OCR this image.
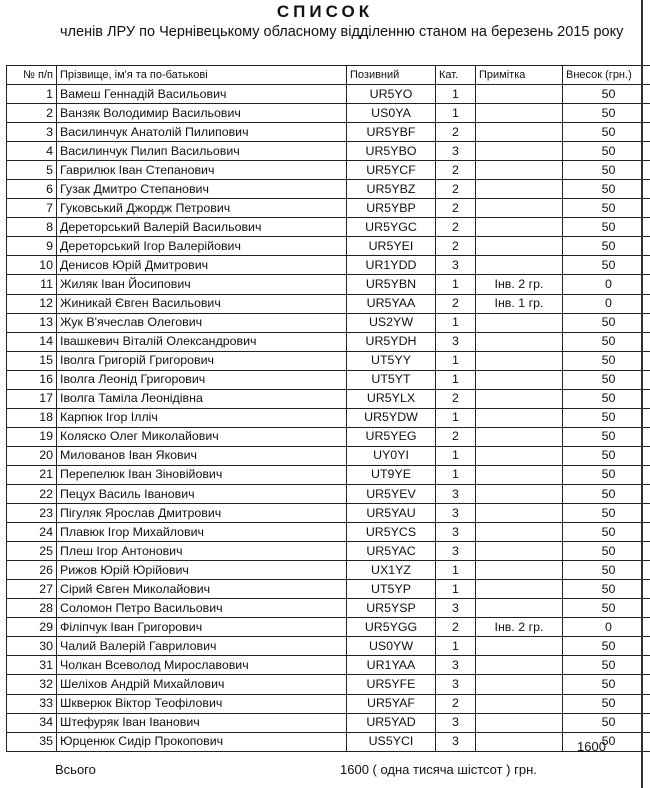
СПИСОК
членів ЛРУ по Чернівецькому обласному відділенню станом на березень 2015 року
№ п/п	Прізвище, ім'я та по-батькові	Позивний	Кат.	Примітка	Внесок (грн.)
1	Вамеш Геннадій Васильович	UR5YO	1		50
2	Ванзяк Володимир Васильович	US0YA	1		50
3	Василинчук Анатолій Пилипович	UR5YBF	2		50
4	Василинчук Пилип Васильович	UR5YBO	3		50
5	Гаврилюк Іван Степанович	UR5YCF	2		50
6	Гузак Дмитро Степанович	UR5YBZ	2		50
7	Гуковський Джордж Петрович	UR5YBP	2		50
8	Дереторський Валерій Васильович	UR5YGC	2		50
9	Дереторський Ігор Валерійович	UR5YEI	2		50
10	Денисов Юрій Дмитрович	UR1YDD	3		50
11	Жиляк Іван Йосипович	UR5YBN	1	Інв. 2 гр.	0
12	Жиникай Євген Васильович	UR5YAA	2	Інв. 1 гр.	0
13	Жук В'ячеслав Олегович	US2YW	1		50
14	Івашкевич Віталій Олександрович	UR5YDH	3		50
15	Іволга Григорій Григорович	UT5YY	1		50
16	Іволга Леонід Григорович	UT5YT	1		50
17	Іволга Таміла Леонідівна	UR5YLX	2		50
18	Карпюк Ігор Ілліч	UR5YDW	1		50
19	Коляско Олег Миколайович	UR5YEG	2		50
20	Милованов Іван Якович	UY0YI	1		50
21	Перепелюк Іван Зіновійович	UT9YE	1		50
22	Пецух Василь Іванович	UR5YEV	3		50
23	Пігуляк Ярослав Дмитрович	UR5YAU	3		50
24	Плавюк Ігор Михайлович	UR5YCS	3		50
25	Плеш Ігор Антонович	UR5YAC	3		50
26	Рижов Юрій Юрійович	UX1YZ	1		50
27	Сірий Євген Миколайович	UT5YP	1		50
28	Соломон Петро Васильович	UR5YSP	3		50
29	Філіпчук Іван Григорович	UR5YGG	2	Інв. 2 гр.	0
30	Чалий Валерій Гаврилович	US0YW	1		50
31	Чолкан Всеволод Мирославович	UR1YAA	3		50
32	Шеліхов Андрій Михайлович	UR5YFE	3		50
33	Шкверюк Віктор Теофілович	UR5YAF	2		50
34	Штефуряк Іван Іванович	UR5YAD	3		50
35	Юрценюк Сидір Прокопович	US5YCI	3		50
1600
Всього	1600 ( одна тисяча шістсот ) грн.
